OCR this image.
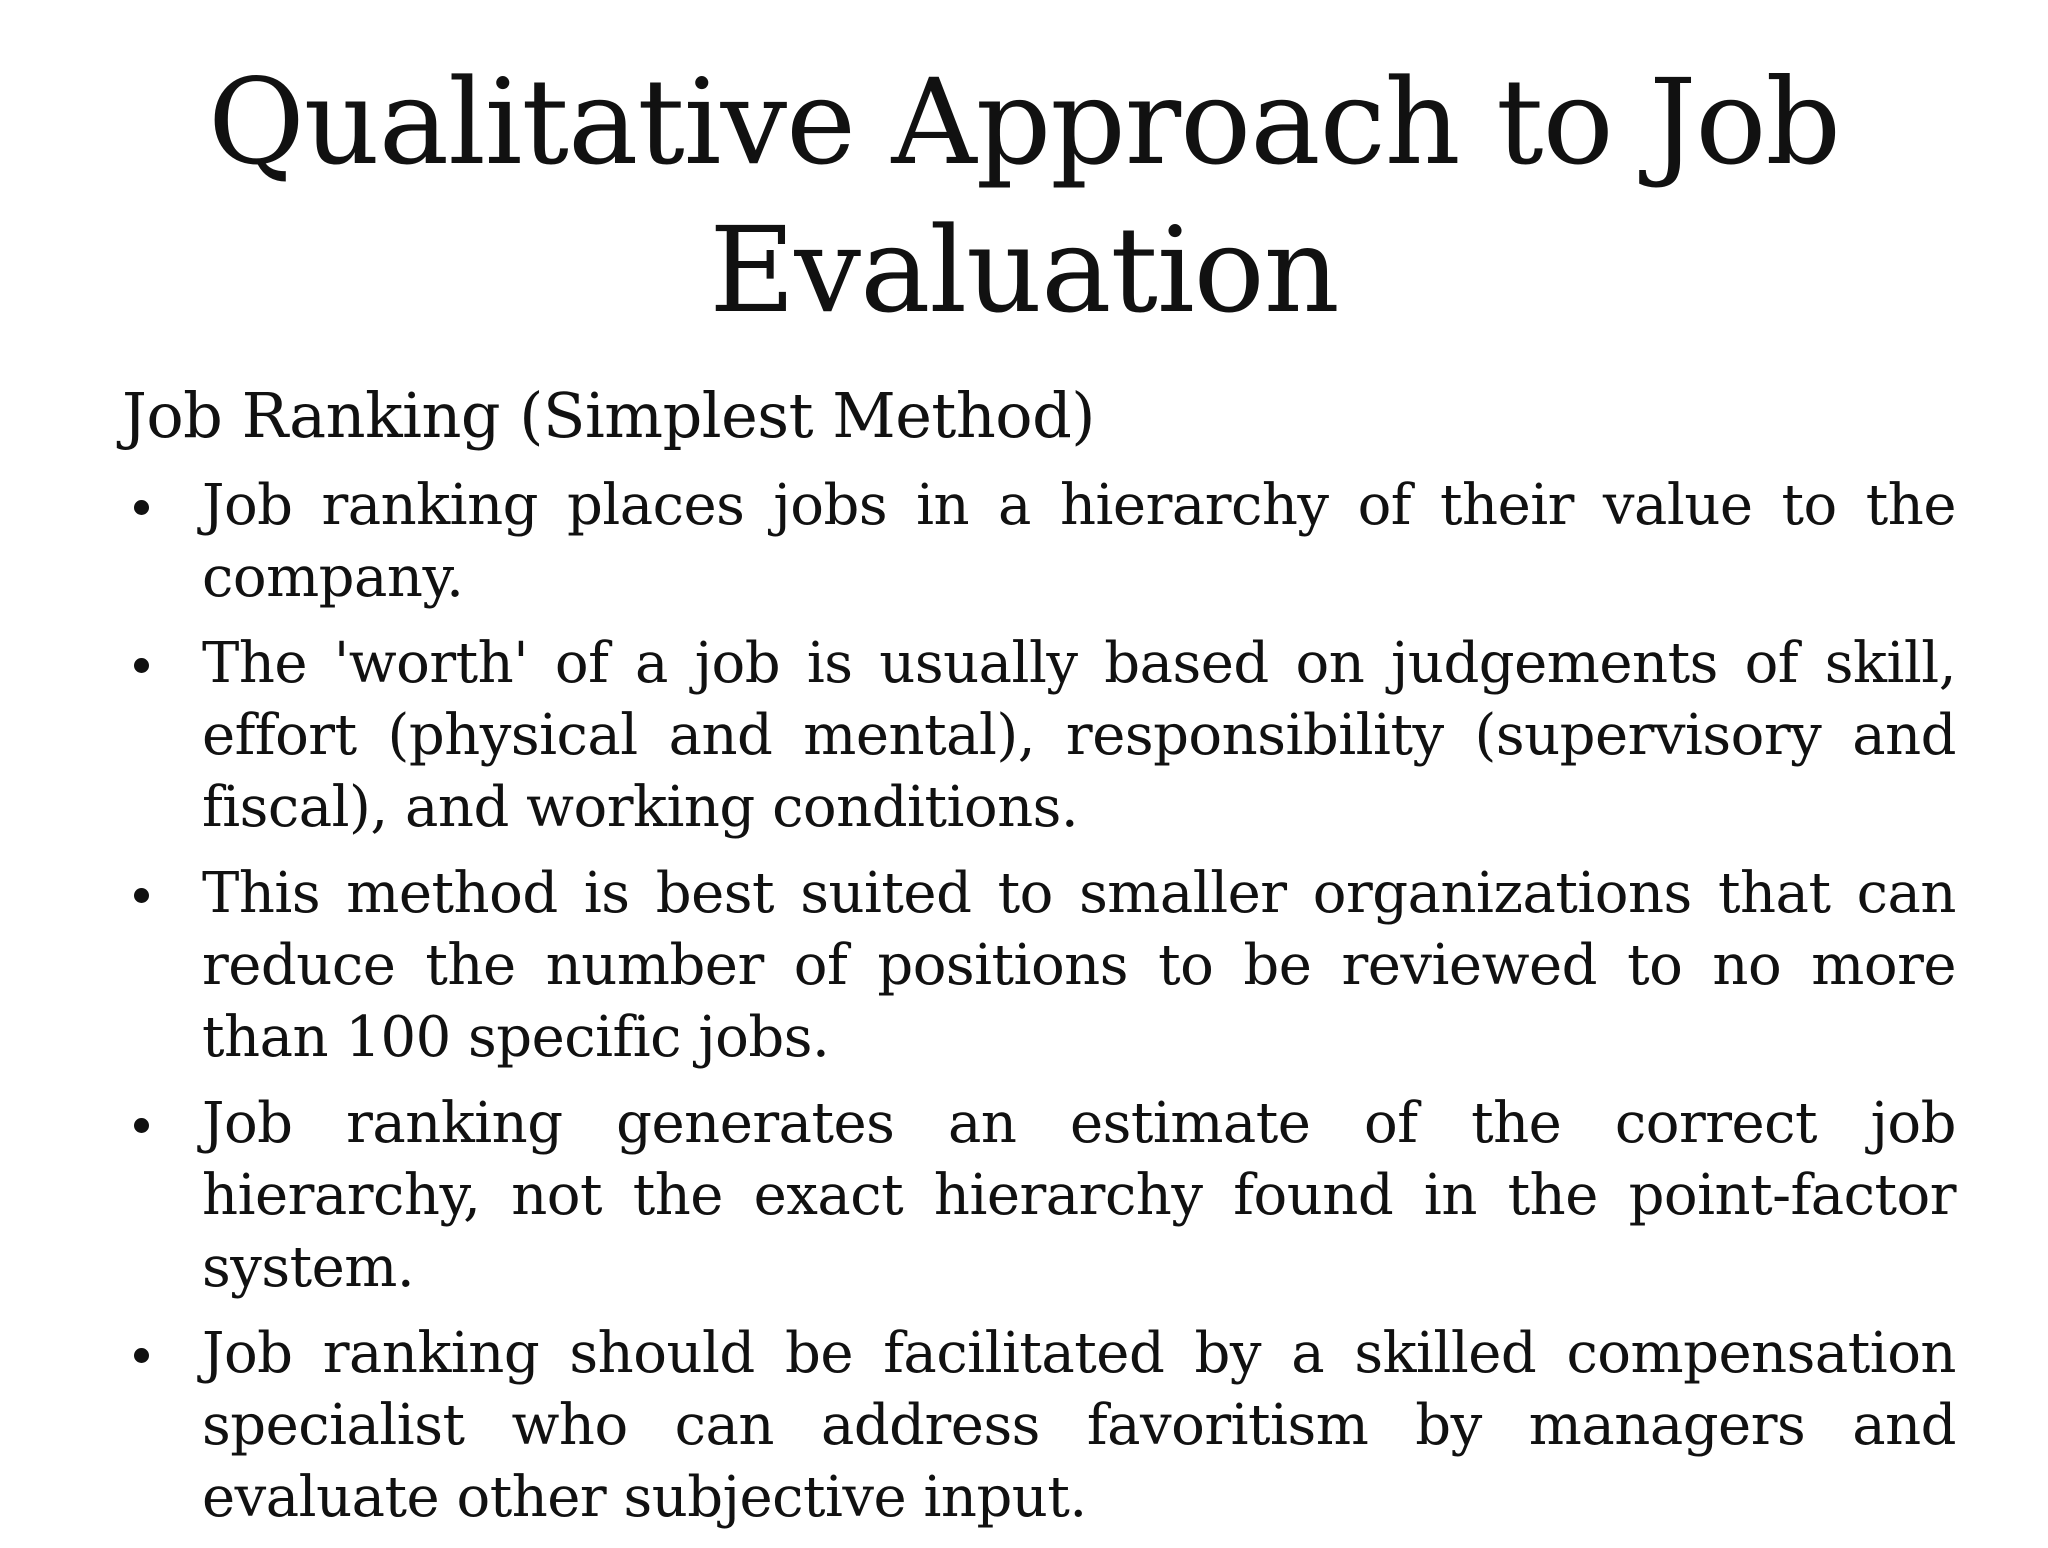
Qualitative Approach to Job Evaluation
Job Ranking (Simplest Method)
Job ranking places jobs in a hierarchy of their value to the company.
The 'worth' of a job is usually based on judgements of skill, effort (physical and mental), responsibility (supervisory and fiscal), and working conditions.
This method is best suited to smaller organizations that can reduce the number of positions to be reviewed to no more than 100 specific jobs.
Job ranking generates an estimate of the correct job hierarchy, not the exact hierarchy found in the point-factor system.
Job ranking should be facilitated by a skilled compensation specialist who can address favoritism by managers and evaluate other subjective input.
